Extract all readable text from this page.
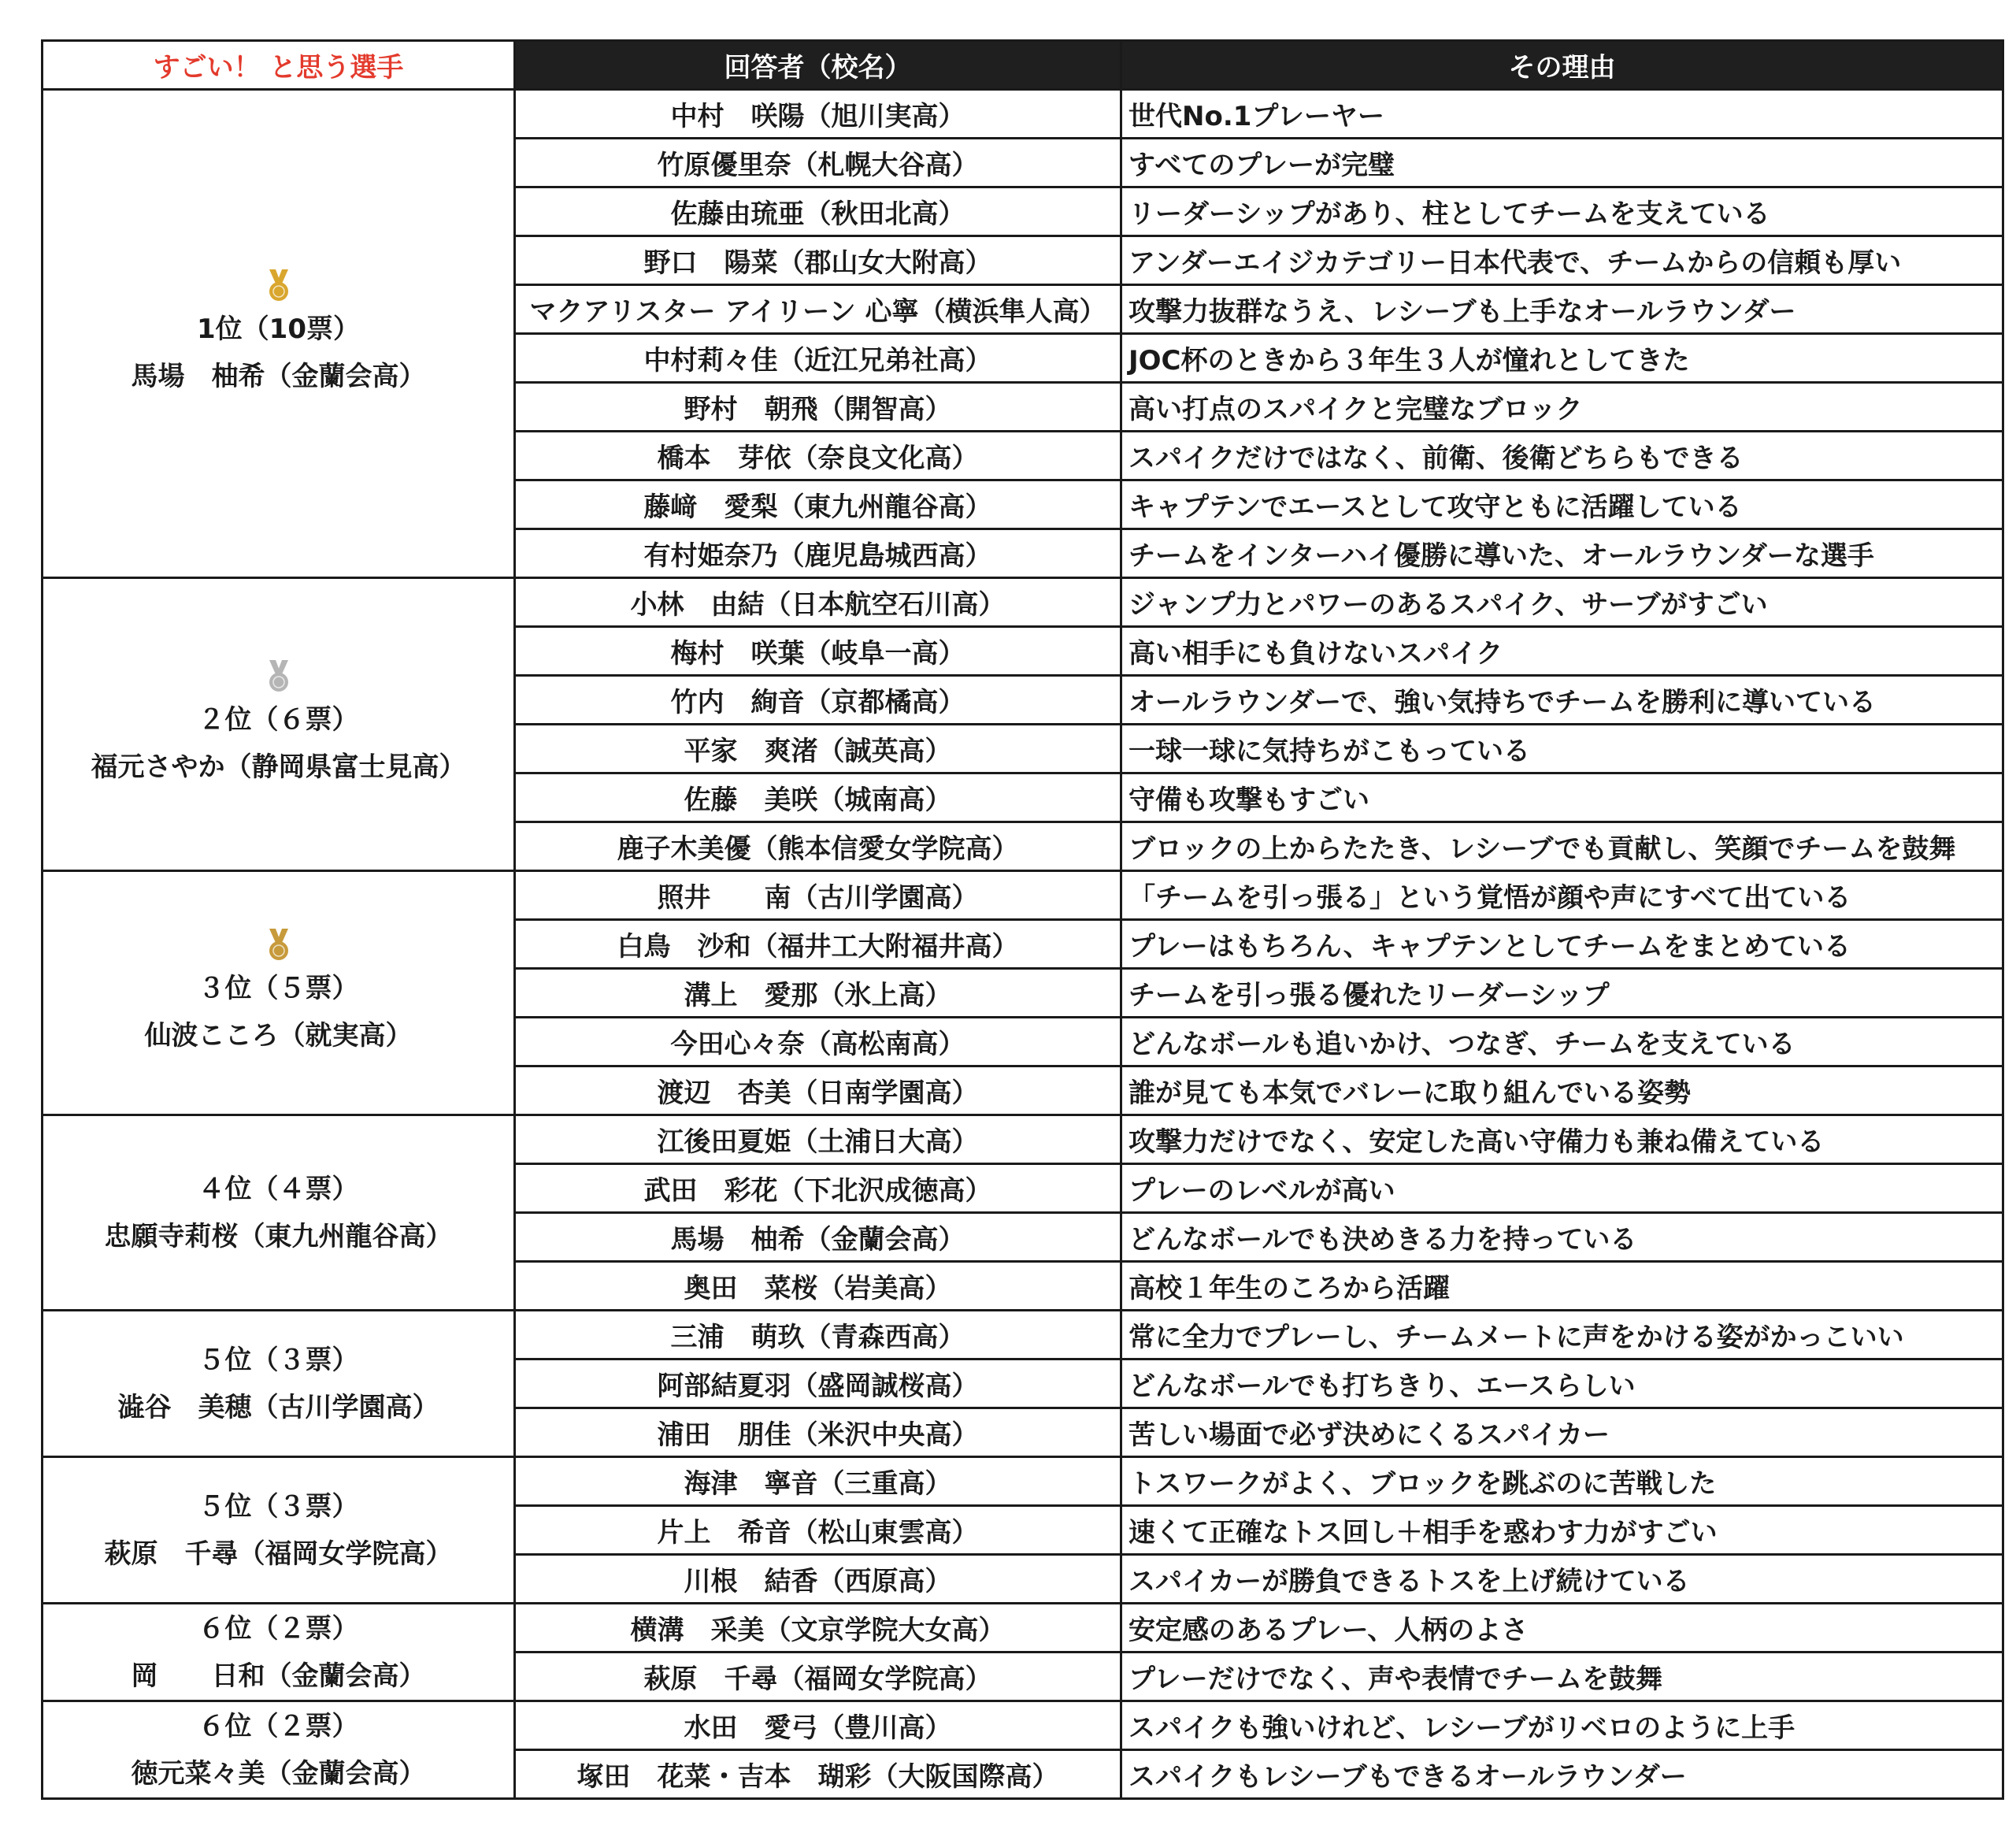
すごい！ と思う選手	回答者（校名）	その理由

1位（10票）
馬場　柚希（金蘭会高）	中村　咲陽（旭川実高）	世代No.1プレーヤー
	竹原優里奈（札幌大谷高）	すべてのプレーが完璧
	佐藤由琉亜（秋田北高）	リーダーシップがあり、柱としてチームを支えている
	野口　陽菜（郡山女大附高）	アンダーエイジカテゴリー日本代表で、チームからの信頼も厚い
	マクアリスター アイリーン 心寧（横浜隼人高）	攻撃力抜群なうえ、レシーブも上手なオールラウンダー
	中村莉々佳（近江兄弟社高）	JOC杯のときから３年生３人が憧れとしてきた
	野村　朝飛（開智高）	高い打点のスパイクと完璧なブロック
	橋本　芽依（奈良文化高）	スパイクだけではなく、前衛、後衛どちらもできる
	藤﨑　愛梨（東九州龍谷高）	キャプテンでエースとして攻守ともに活躍している
	有村姫奈乃（鹿児島城西高）	チームをインターハイ優勝に導いた、オールラウンダーな選手

２位（６票）
福元さやか（静岡県富士見高）	小林　由結（日本航空石川高）	ジャンプ力とパワーのあるスパイク、サーブがすごい
	梅村　咲葉（岐阜一高）	高い相手にも負けないスパイク
	竹内　絢音（京都橘高）	オールラウンダーで、強い気持ちでチームを勝利に導いている
	平家　爽渚（誠英高）	一球一球に気持ちがこもっている
	佐藤　美咲（城南高）	守備も攻撃もすごい
	鹿子木美優（熊本信愛女学院高）	ブロックの上からたたき、レシーブでも貢献し、笑顔でチームを鼓舞

３位（５票）
仙波こころ（就実高）	照井　　南（古川学園高）	「チームを引っ張る」という覚悟が顔や声にすべて出ている
	白鳥　沙和（福井工大附福井高）	プレーはもちろん、キャプテンとしてチームをまとめている
	溝上　愛那（氷上高）	チームを引っ張る優れたリーダーシップ
	今田心々奈（高松南高）	どんなボールも追いかけ、つなぎ、チームを支えている
	渡辺　杏美（日南学園高）	誰が見ても本気でバレーに取り組んでいる姿勢

４位（４票）
忠願寺莉桜（東九州龍谷高）	江後田夏姫（土浦日大高）	攻撃力だけでなく、安定した高い守備力も兼ね備えている
	武田　彩花（下北沢成徳高）	プレーのレベルが高い
	馬場　柚希（金蘭会高）	どんなボールでも決めきる力を持っている
	奥田　菜桜（岩美高）	高校１年生のころから活躍

５位（３票）
澁谷　美穂（古川学園高）	三浦　萌玖（青森西高）	常に全力でプレーし、チームメートに声をかける姿がかっこいい
	阿部結夏羽（盛岡誠桜高）	どんなボールでも打ちきり、エースらしい
	浦田　朋佳（米沢中央高）	苦しい場面で必ず決めにくるスパイカー

５位（３票）
萩原　千尋（福岡女学院高）	海津　寧音（三重高）	トスワークがよく、ブロックを跳ぶのに苦戦した
	片上　希音（松山東雲高）	速くて正確なトス回し＋相手を惑わす力がすごい
	川根　結香（西原高）	スパイカーが勝負できるトスを上げ続けている

６位（２票）
岡　　日和（金蘭会高）	横溝　采美（文京学院大女高）	安定感のあるプレー、人柄のよさ
	萩原　千尋（福岡女学院高）	プレーだけでなく、声や表情でチームを鼓舞

６位（２票）
徳元菜々美（金蘭会高）	水田　愛弓（豊川高）	スパイクも強いけれど、レシーブがリベロのように上手
	塚田　花菜・吉本　瑚彩（大阪国際高）	スパイクもレシーブもできるオールラウンダー
